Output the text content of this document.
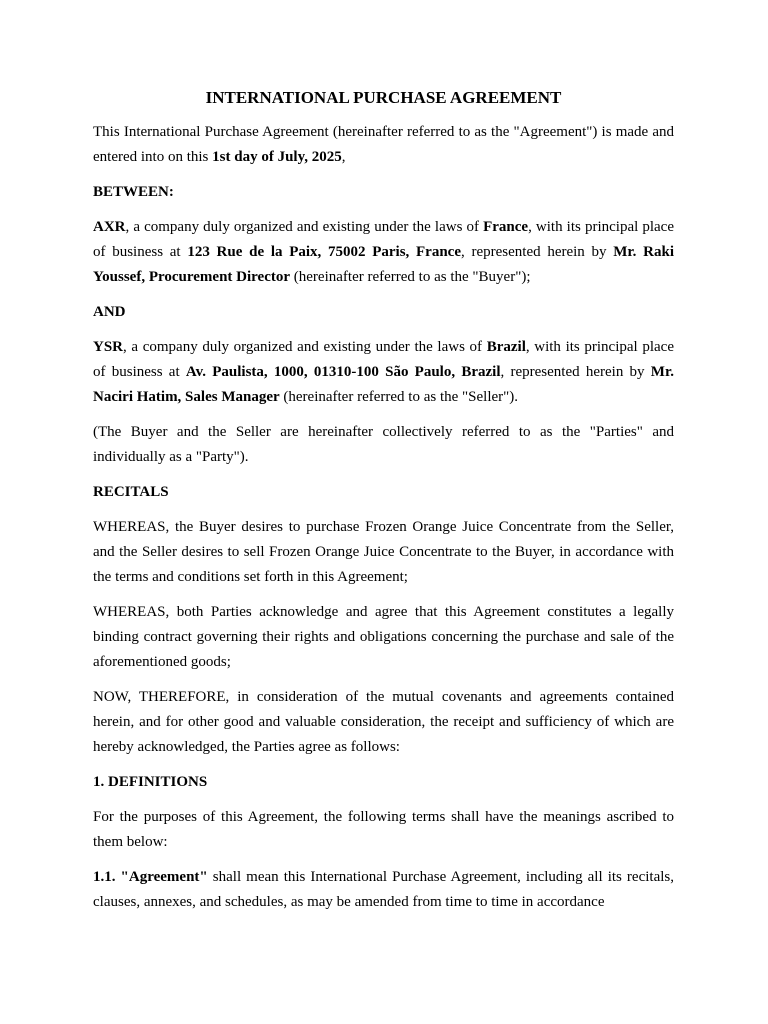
INTERNATIONAL PURCHASE AGREEMENT

This International Purchase Agreement (hereinafter referred to as the "Agreement") is made and entered into on this 1st day of July, 2025,

BETWEEN:

AXR, a company duly organized and existing under the laws of France, with its principal place of business at 123 Rue de la Paix, 75002 Paris, France, represented herein by Mr. Raki Youssef, Procurement Director (hereinafter referred to as the "Buyer");

AND

YSR, a company duly organized and existing under the laws of Brazil, with its principal place of business at Av. Paulista, 1000, 01310-100 São Paulo, Brazil, represented herein by Mr. Naciri Hatim, Sales Manager (hereinafter referred to as the "Seller").

(The Buyer and the Seller are hereinafter collectively referred to as the "Parties" and individually as a "Party").

RECITALS

WHEREAS, the Buyer desires to purchase Frozen Orange Juice Concentrate from the Seller, and the Seller desires to sell Frozen Orange Juice Concentrate to the Buyer, in accordance with the terms and conditions set forth in this Agreement;

WHEREAS, both Parties acknowledge and agree that this Agreement constitutes a legally binding contract governing their rights and obligations concerning the purchase and sale of the aforementioned goods;

NOW, THEREFORE, in consideration of the mutual covenants and agreements contained herein, and for other good and valuable consideration, the receipt and sufficiency of which are hereby acknowledged, the Parties agree as follows:

1. DEFINITIONS

For the purposes of this Agreement, the following terms shall have the meanings ascribed to them below:

1.1. "Agreement" shall mean this International Purchase Agreement, including all its recitals, clauses, annexes, and schedules, as may be amended from time to time in accordance
